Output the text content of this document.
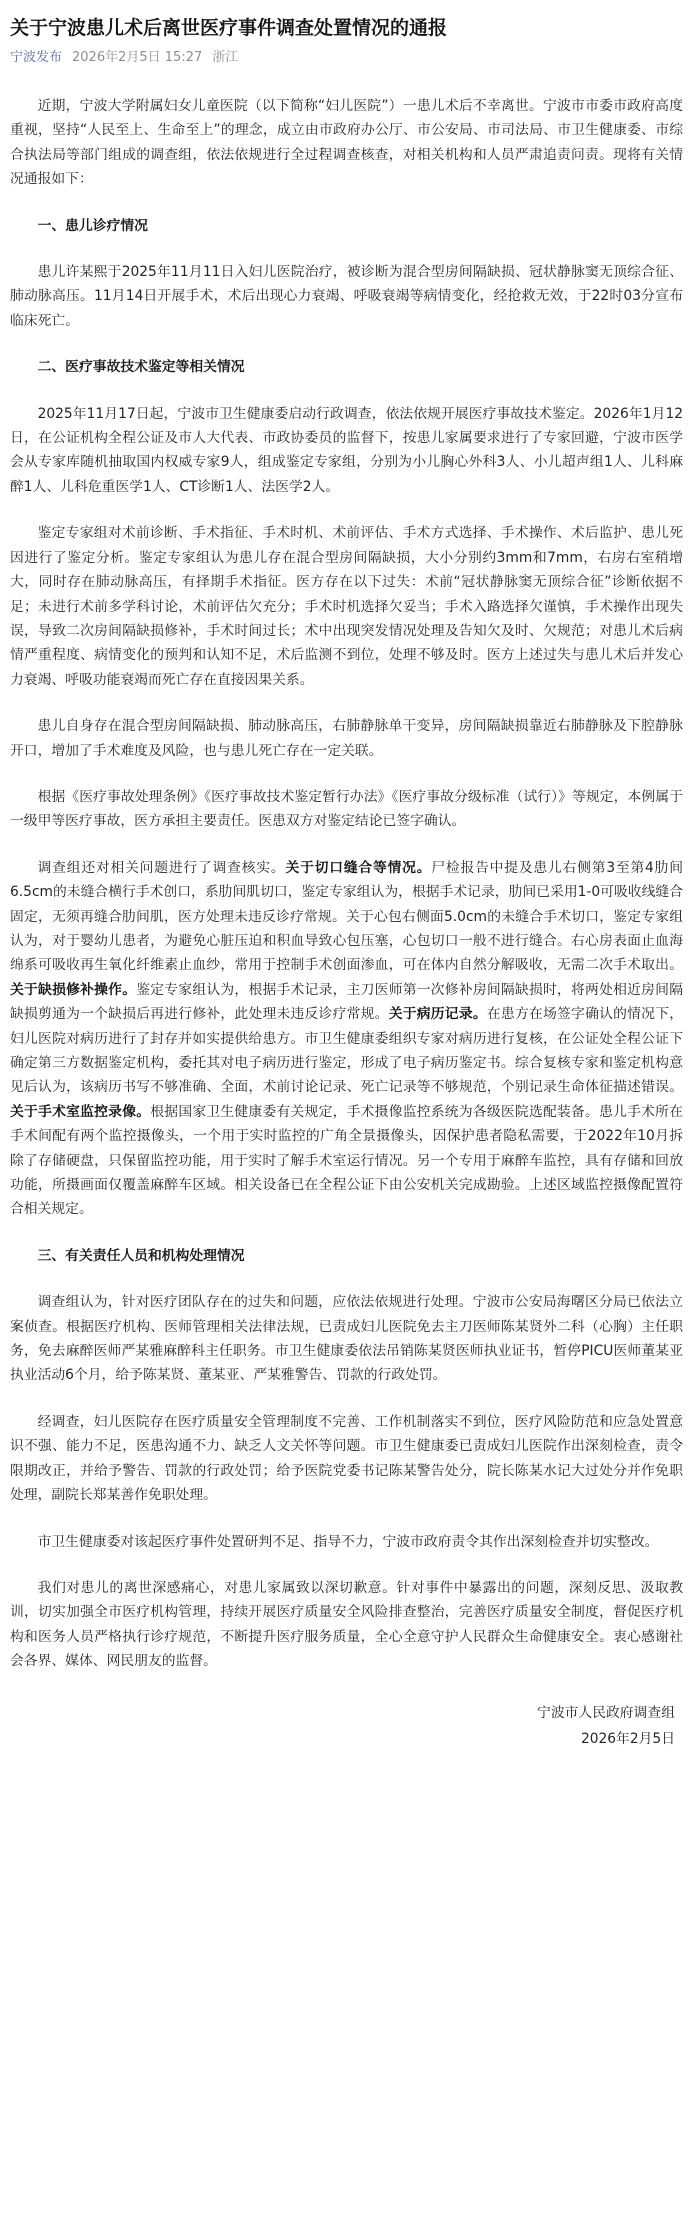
关于宁波患儿术后离世医疗事件调查处置情况的通报
宁波发布 2026年2月5日 15:27 浙江

近期，宁波大学附属妇女儿童医院（以下简称“妇儿医院”）一患儿术后不幸离世。宁波市市委市政府高度重视，坚持“人民至上、生命至上”的理念，成立由市政府办公厅、市公安局、市司法局、市卫生健康委、市综合执法局等部门组成的调查组，依法依规进行全过程调查核查，对相关机构和人员严肃追责问责。现将有关情况通报如下：

一、患儿诊疗情况

患儿许某熙于2025年11月11日入妇儿医院治疗，被诊断为混合型房间隔缺损、冠状静脉窦无顶综合征、肺动脉高压。11月14日开展手术，术后出现心力衰竭、呼吸衰竭等病情变化，经抢救无效，于22时03分宣布临床死亡。

二、医疗事故技术鉴定等相关情况

2025年11月17日起，宁波市卫生健康委启动行政调查，依法依规开展医疗事故技术鉴定。2026年1月12日，在公证机构全程公证及市人大代表、市政协委员的监督下，按患儿家属要求进行了专家回避，宁波市医学会从专家库随机抽取国内权威专家9人，组成鉴定专家组，分别为小儿胸心外科3人、小儿超声组1人、儿科麻醉1人、儿科危重医学1人、CT诊断1人、法医学2人。

鉴定专家组对术前诊断、手术指征、手术时机、术前评估、手术方式选择、手术操作、术后监护、患儿死因进行了鉴定分析。鉴定专家组认为患儿存在混合型房间隔缺损，大小分别约3mm和7mm，右房右室稍增大，同时存在肺动脉高压，有择期手术指征。医方存在以下过失：术前“冠状静脉窦无顶综合征”诊断依据不足；未进行术前多学科讨论，术前评估欠充分；手术时机选择欠妥当；手术入路选择欠谨慎，手术操作出现失误，导致二次房间隔缺损修补，手术时间过长；术中出现突发情况处理及告知欠及时、欠规范；对患儿术后病情严重程度、病情变化的预判和认知不足，术后监测不到位，处理不够及时。医方上述过失与患儿术后并发心力衰竭、呼吸功能衰竭而死亡存在直接因果关系。

患儿自身存在混合型房间隔缺损、肺动脉高压，右肺静脉单干变异，房间隔缺损靠近右肺静脉及下腔静脉开口，增加了手术难度及风险，也与患儿死亡存在一定关联。

根据《医疗事故处理条例》《医疗事故技术鉴定暂行办法》《医疗事故分级标准（试行）》等规定，本例属于一级甲等医疗事故，医方承担主要责任。医患双方对鉴定结论已签字确认。

调查组还对相关问题进行了调查核实。关于切口缝合等情况。尸检报告中提及患儿右侧第3至第4肋间6.5cm的未缝合横行手术创口，系肋间肌切口，鉴定专家组认为，根据手术记录，肋间已采用1-0可吸收线缝合固定，无须再缝合肋间肌，医方处理未违反诊疗常规。关于心包右侧面5.0cm的未缝合手术切口，鉴定专家组认为，对于婴幼儿患者，为避免心脏压迫和积血导致心包压塞，心包切口一般不进行缝合。右心房表面止血海绵系可吸收再生氧化纤维素止血纱，常用于控制手术创面渗血，可在体内自然分解吸收，无需二次手术取出。关于缺损修补操作。鉴定专家组认为，根据手术记录，主刀医师第一次修补房间隔缺损时，将两处相近房间隔缺损剪通为一个缺损后再进行修补，此处理未违反诊疗常规。关于病历记录。在患方在场签字确认的情况下，妇儿医院对病历进行了封存并如实提供给患方。市卫生健康委组织专家对病历进行复核，在公证处全程公证下确定第三方数据鉴定机构，委托其对电子病历进行鉴定，形成了电子病历鉴定书。综合复核专家和鉴定机构意见后认为，该病历书写不够准确、全面，术前讨论记录、死亡记录等不够规范，个别记录生命体征描述错误。关于手术室监控录像。根据国家卫生健康委有关规定，手术摄像监控系统为各级医院选配装备。患儿手术所在手术间配有两个监控摄像头，一个用于实时监控的广角全景摄像头，因保护患者隐私需要，于2022年10月拆除了存储硬盘，只保留监控功能，用于实时了解手术室运行情况。另一个专用于麻醉车监控，具有存储和回放功能，所摄画面仅覆盖麻醉车区域。相关设备已在全程公证下由公安机关完成勘验。上述区域监控摄像配置符合相关规定。

三、有关责任人员和机构处理情况

调查组认为，针对医疗团队存在的过失和问题，应依法依规进行处理。宁波市公安局海曙区分局已依法立案侦查。根据医疗机构、医师管理相关法律法规，已责成妇儿医院免去主刀医师陈某贤外二科（心胸）主任职务，免去麻醉医师严某雅麻醉科主任职务。市卫生健康委依法吊销陈某贤医师执业证书，暂停PICU医师董某亚执业活动6个月，给予陈某贤、董某亚、严某雅警告、罚款的行政处罚。

经调查，妇儿医院存在医疗质量安全管理制度不完善、工作机制落实不到位，医疗风险防范和应急处置意识不强、能力不足，医患沟通不力、缺乏人文关怀等问题。市卫生健康委已责成妇儿医院作出深刻检查，责令限期改正，并给予警告、罚款的行政处罚；给予医院党委书记陈某警告处分，院长陈某水记大过处分并作免职处理，副院长郑某善作免职处理。

市卫生健康委对该起医疗事件处置研判不足、指导不力，宁波市政府责令其作出深刻检查并切实整改。

我们对患儿的离世深感痛心，对患儿家属致以深切歉意。针对事件中暴露出的问题，深刻反思、汲取教训，切实加强全市医疗机构管理，持续开展医疗质量安全风险排查整治，完善医疗质量安全制度，督促医疗机构和医务人员严格执行诊疗规范，不断提升医疗服务质量，全心全意守护人民群众生命健康安全。衷心感谢社会各界、媒体、网民朋友的监督。

宁波市人民政府调查组
2026年2月5日
